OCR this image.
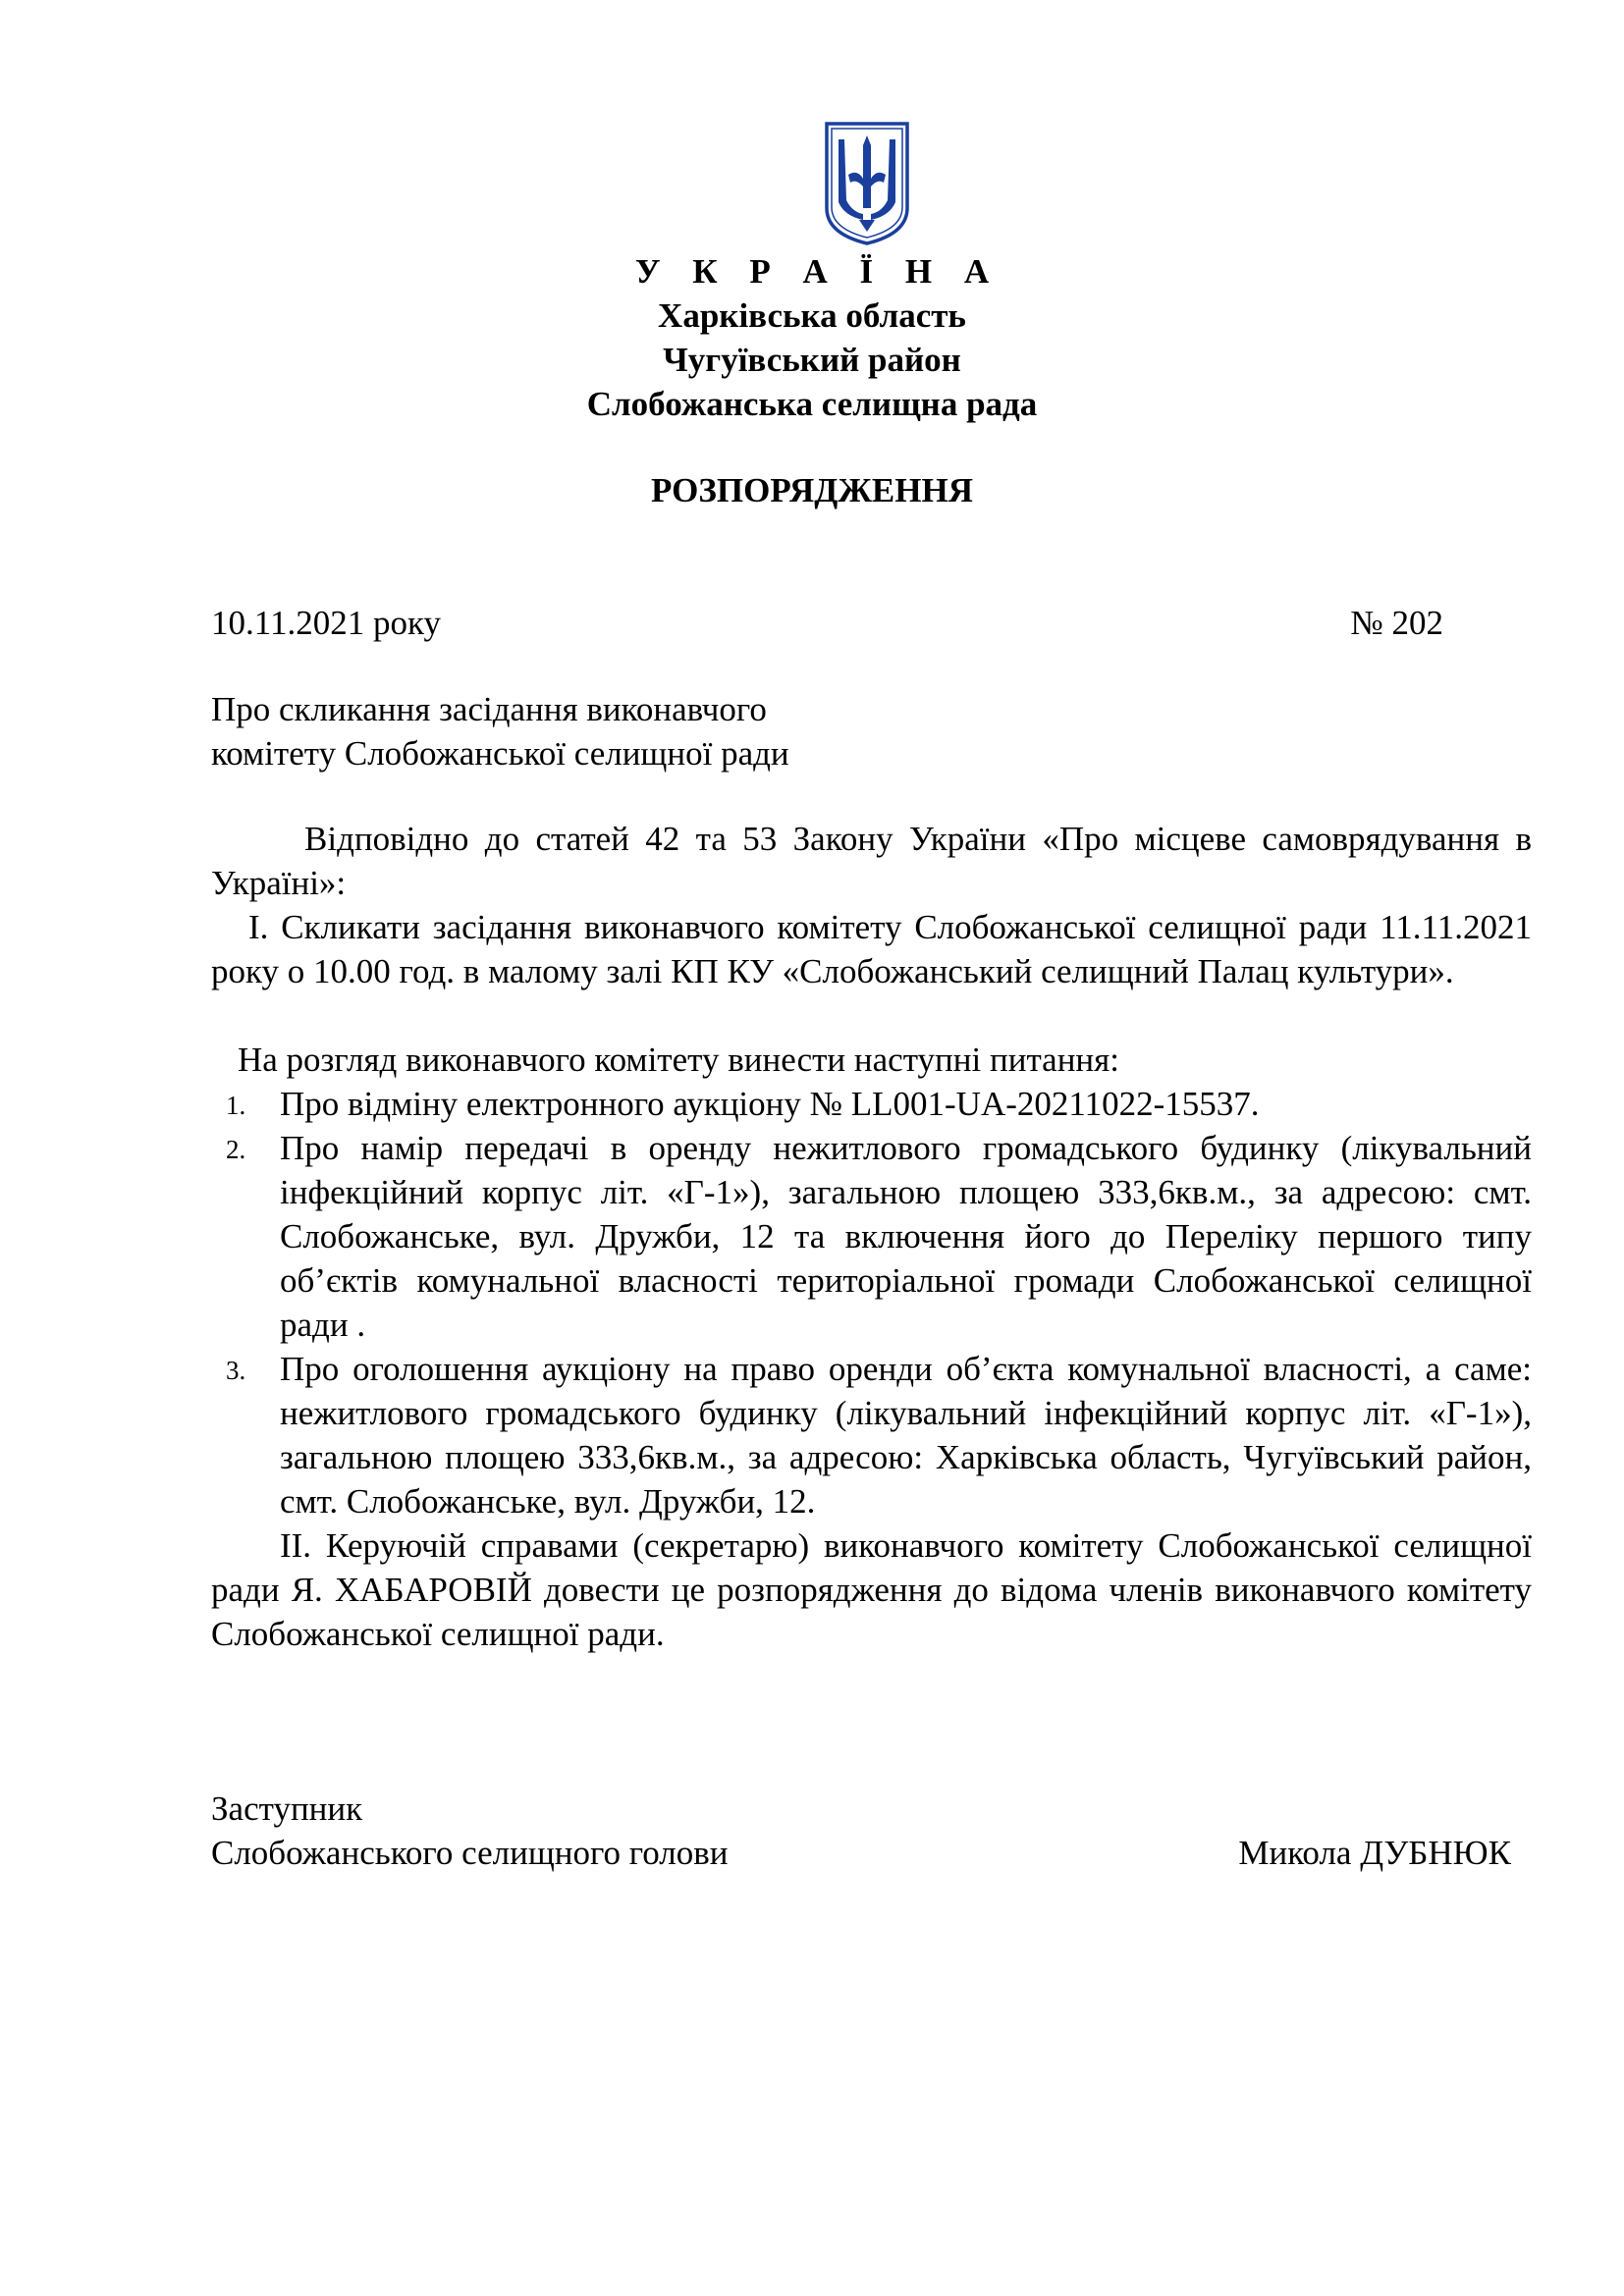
У К Р А Ї Н А
Харківська область
Чугуївський район
Слобожанська селищна рада
РОЗПОРЯДЖЕННЯ
10.11.2021 року	№ 202
Про скликання засідання виконавчого
комітету Слобожанської селищної ради
Відповідно до статей 42 та 53 Закону України «Про місцеве самоврядування в Україні»:
І. Скликати засідання виконавчого комітету Слобожанської селищної ради 11.11.2021 року о 10.00 год. в малому залі КП КУ «Слобожанський селищний Палац культури».
На розгляд виконавчого комітету винести наступні питання:
1. Про відміну електронного аукціону № LL001-UA-20211022-15537.
2. Про намір передачі в оренду нежитлового громадського будинку (лікувальний інфекційний корпус літ. «Г-1»), загальною площею 333,6кв.м., за адресою: смт. Слобожанське, вул. Дружби, 12 та включення його до Переліку першого типу об’єктів комунальної власності територіальної громади Слобожанської селищної ради .
3. Про оголошення аукціону на право оренди об’єкта комунальної власності, а саме: нежитлового громадського будинку (лікувальний інфекційний корпус літ. «Г-1»), загальною площею 333,6кв.м., за адресою: Харківська область, Чугуївський район, смт. Слобожанське, вул. Дружби, 12.
ІІ. Керуючій справами (секретарю) виконавчого комітету Слобожанської селищної ради Я. ХАБАРОВІЙ довести це розпорядження до відома членів виконавчого комітету Слобожанської селищної ради.
Заступник
Слобожанського селищного голови	Микола ДУБНЮК
